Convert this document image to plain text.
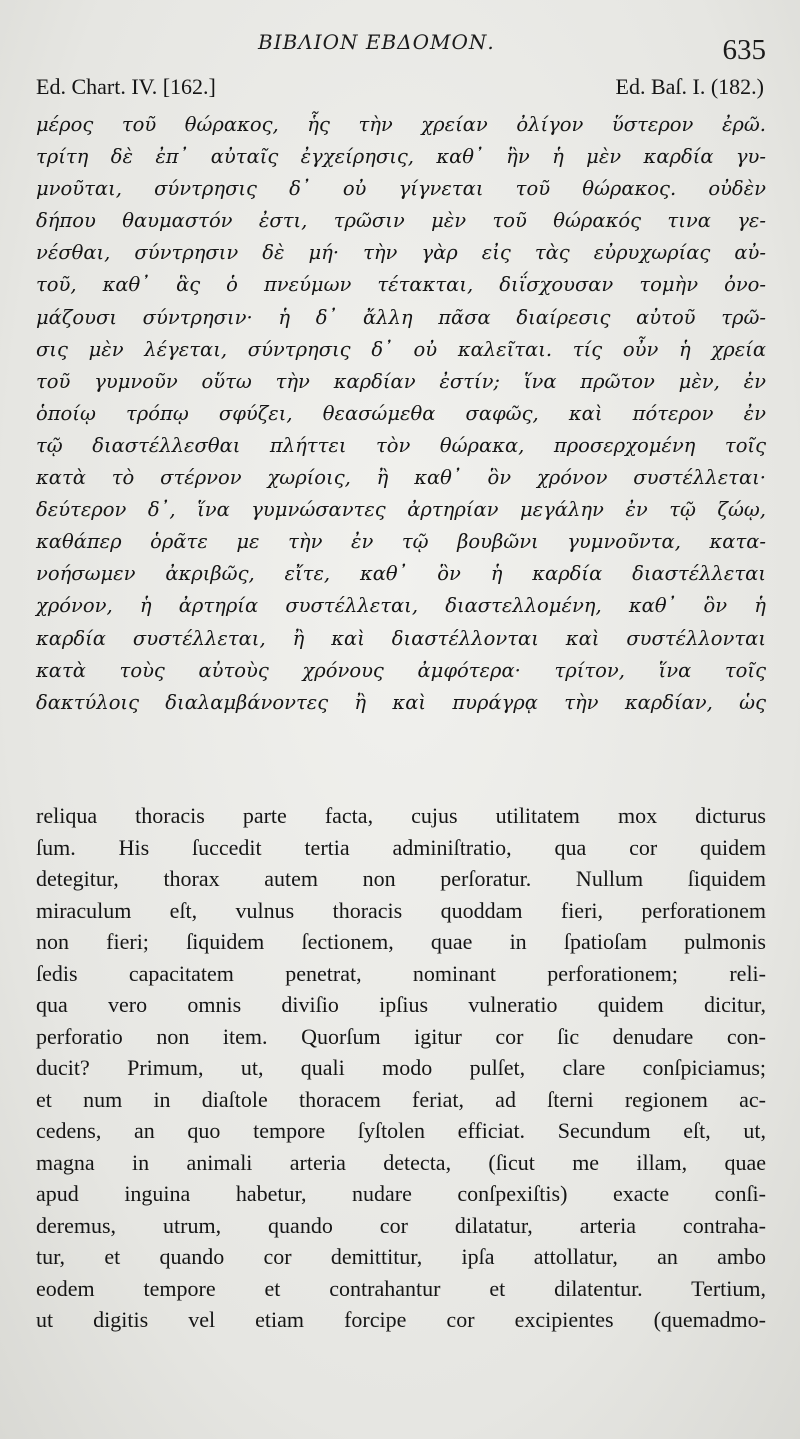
ΒΙΒΛΙΟΝ ΕΒΔΟΜΟΝ.	635
Ed. Chart. IV. [162.]	Ed. Baſ. I. (182.)
μέρος τοῦ θώρακος, ἧς τὴν χρείαν ὀλίγον ὕστερον ἐρῶ.
τρίτη δὲ ἐπ᾽ αὐταῖς ἐγχείρησις, καθ᾽ ἣν ἡ μὲν καρδία γυ-
μνοῦται, σύντρησις δ᾽ οὐ γίγνεται τοῦ θώρακος. οὐδὲν
δήπου θαυμαστόν ἐστι, τρῶσιν μὲν τοῦ θώρακός τινα γε-
νέσθαι, σύντρησιν δὲ μή· τὴν γὰρ εἰς τὰς εὐρυχωρίας αὐ-
τοῦ, καθ᾽ ἃς ὁ πνεύμων τέτακται, διΐσχουσαν τομὴν ὀνο-
μάζουσι σύντρησιν· ἡ δ᾽ ἄλλη πᾶσα διαίρεσις αὐτοῦ τρῶ-
σις μὲν λέγεται, σύντρησις δ᾽ οὐ καλεῖται. τίς οὖν ἡ χρεία
τοῦ γυμνοῦν οὕτω τὴν καρδίαν ἐστίν; ἵνα πρῶτον μὲν, ἐν
ὁποίῳ τρόπῳ σφύζει, θεασώμεθα σαφῶς, καὶ πότερον ἐν
τῷ διαστέλλεσθαι πλήττει τὸν θώρακα, προσερχομένη τοῖς
κατὰ τὸ στέρνον χωρίοις, ἢ καθ᾽ ὃν χρόνον συστέλλεται·
δεύτερον δ᾽, ἵνα γυμνώσαντες ἀρτηρίαν μεγάλην ἐν τῷ ζώῳ,
καθάπερ ὁρᾶτε με τὴν ἐν τῷ βουβῶνι γυμνοῦντα, κατα-
νοήσωμεν ἀκριβῶς, εἴτε, καθ᾽ ὃν ἡ καρδία διαστέλλεται
χρόνον, ἡ ἀρτηρία συστέλλεται, διαστελλομένη, καθ᾽ ὃν ἡ
καρδία συστέλλεται, ἢ καὶ διαστέλλονται καὶ συστέλλονται
κατὰ τοὺς αὐτοὺς χρόνους ἀμφότερα· τρίτον, ἵνα τοῖς
δακτύλοις διαλαμβάνοντες ἢ καὶ πυράγρᾳ τὴν καρδίαν, ὡς
reliqua thoracis parte facta, cujus utilitatem mox dicturus
ſum. His ſuccedit tertia adminiſtratio, qua cor quidem
detegitur, thorax autem non perſoratur. Nullum ſiquidem
miraculum eſt, vulnus thoracis quoddam fieri, perforationem
non fieri; ſiquidem ſectionem, quae in ſpatioſam pulmonis
ſedis capacitatem penetrat, nominant perforationem; reli-
qua vero omnis diviſio ipſius vulneratio quidem dicitur,
perforatio non item. Quorſum igitur cor ſic denudare con-
ducit? Primum, ut, quali modo pulſet, clare conſpiciamus;
et num in diaſtole thoracem feriat, ad ſterni regionem ac-
cedens, an quo tempore ſyſtolen efficiat. Secundum eſt, ut,
magna in animali arteria detecta, (ſicut me illam, quae
apud inguina habetur, nudare conſpexiſtis) exacte conſi-
deremus, utrum, quando cor dilatatur, arteria contraha-
tur, et quando cor demittitur, ipſa attollatur, an ambo
eodem tempore et contrahantur et dilatentur. Tertium,
ut digitis vel etiam forcipe cor excipientes (quemadmo-
